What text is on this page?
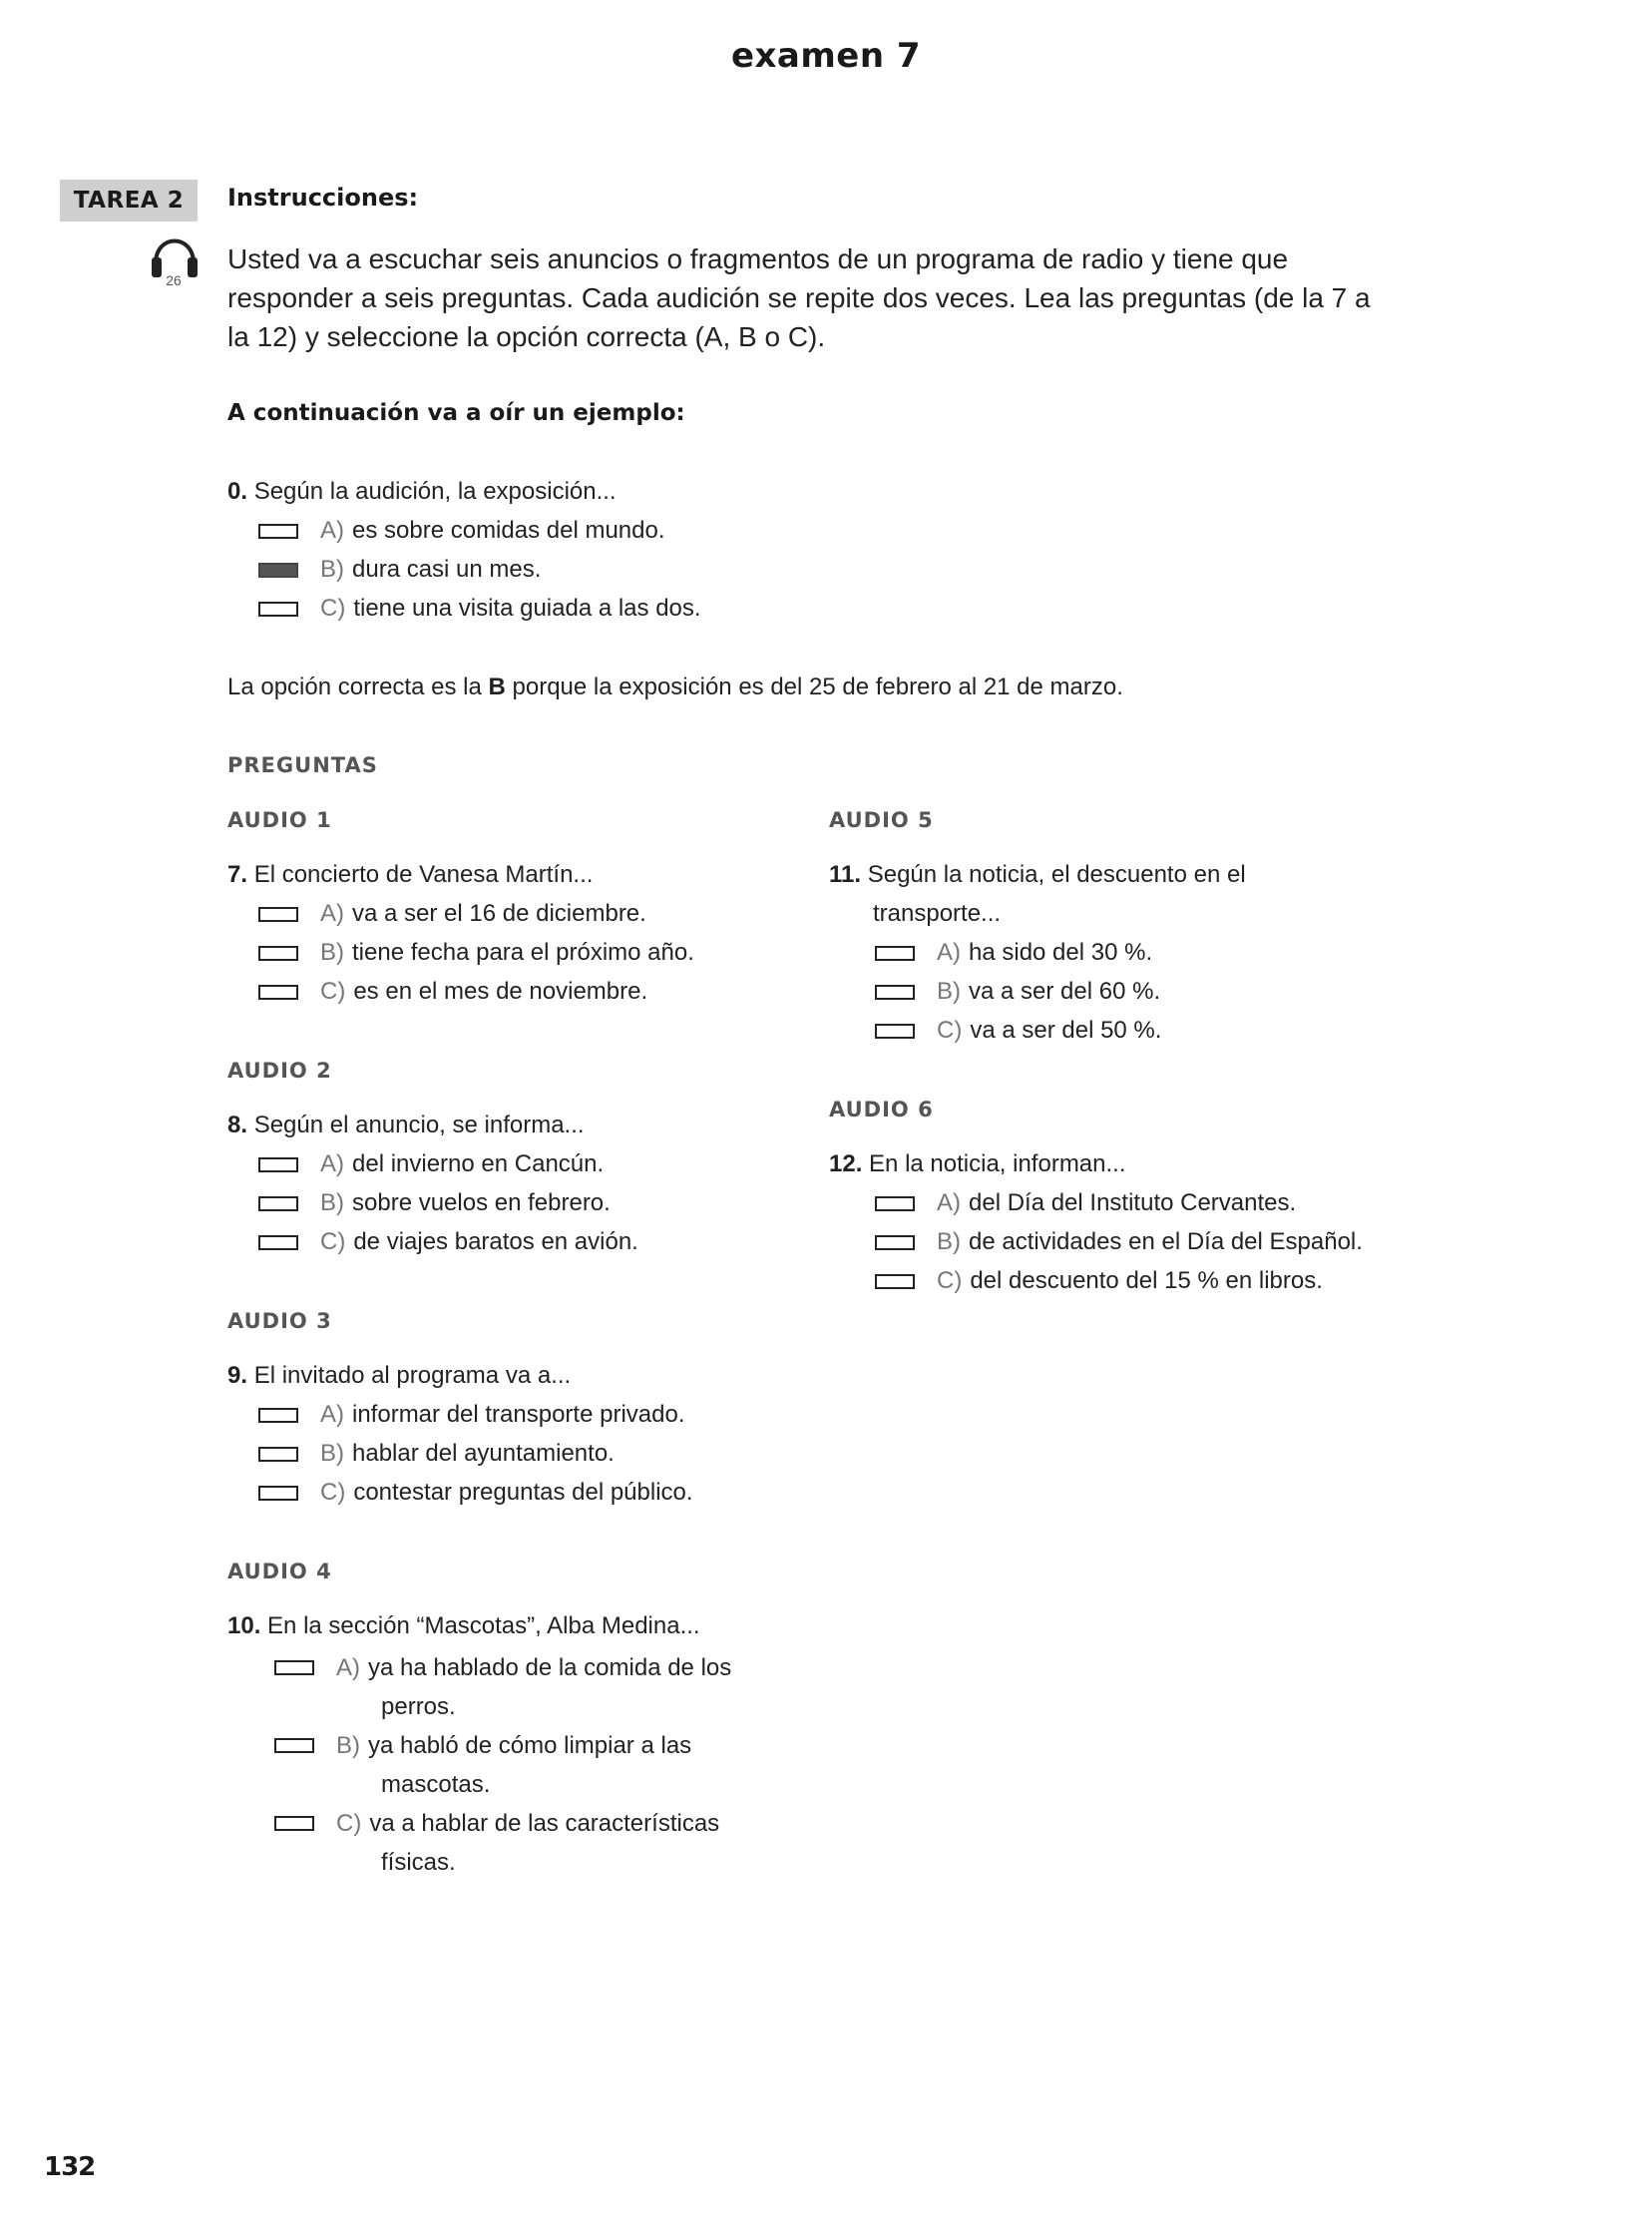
examen 7
TAREA 2
26
Instrucciones:
Usted va a escuchar seis anuncios o fragmentos de un programa de radio y tiene que
responder a seis preguntas. Cada audición se repite dos veces. Lea las preguntas (de la 7 a
la 12) y seleccione la opción correcta (A, B o C).
A continuación va a oír un ejemplo:
0. Según la audición, la exposición...
A) es sobre comidas del mundo.
B) dura casi un mes.
C) tiene una visita guiada a las dos.
La opción correcta es la B porque la exposición es del 25 de febrero al 21 de marzo.
PREGUNTAS
AUDIO 1
7. El concierto de Vanesa Martín...
A) va a ser el 16 de diciembre.
B) tiene fecha para el próximo año.
C) es en el mes de noviembre.
AUDIO 2
8. Según el anuncio, se informa...
A) del invierno en Cancún.
B) sobre vuelos en febrero.
C) de viajes baratos en avión.
AUDIO 3
9. El invitado al programa va a...
A) informar del transporte privado.
B) hablar del ayuntamiento.
C) contestar preguntas del público.
AUDIO 4
10. En la sección “Mascotas”, Alba Medina...
A) ya ha hablado de la comida de los
perros.
B) ya habló de cómo limpiar a las
mascotas.
C) va a hablar de las características
físicas.
AUDIO 5
11. Según la noticia, el descuento en el
transporte...
A) ha sido del 30 %.
B) va a ser del 60 %.
C) va a ser del 50 %.
AUDIO 6
12. En la noticia, informan...
A) del Día del Instituto Cervantes.
B) de actividades en el Día del Español.
C) del descuento del 15 % en libros.
132
